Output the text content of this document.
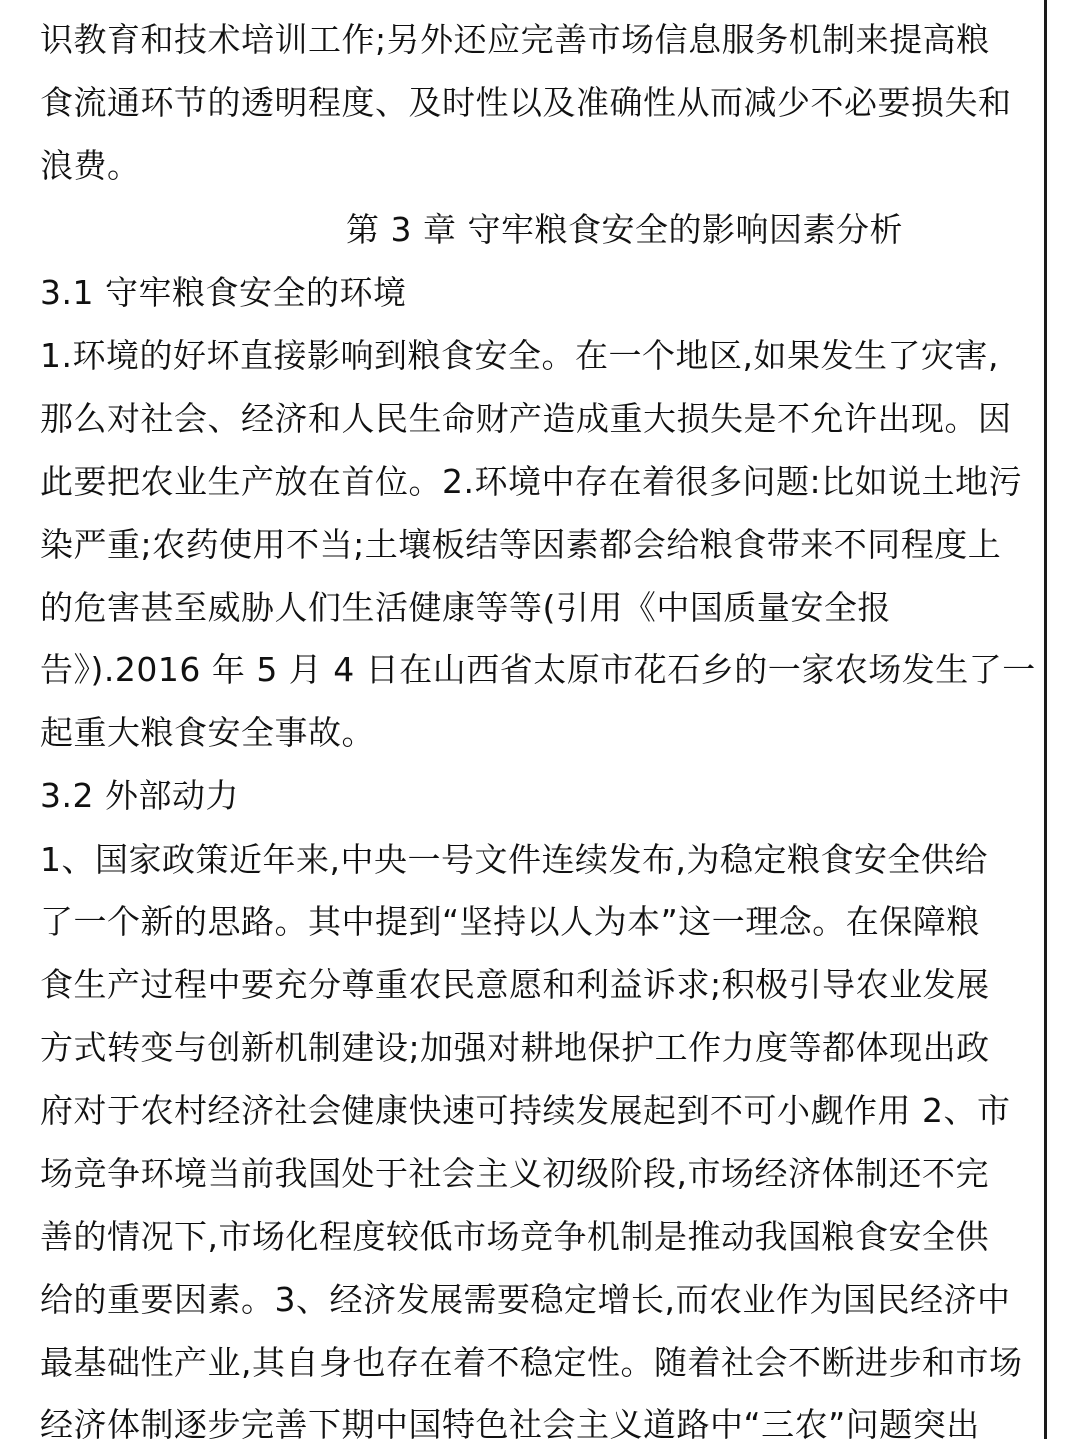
识教育和技术培训工作;另外还应完善市场信息服务机制来提高粮
食流通环节的透明程度、及时性以及准确性从而减少不必要损失和
浪费。
第 3 章 守牢粮食安全的影响因素分析
3.1 守牢粮食安全的环境
1.环境的好坏直接影响到粮食安全。在一个地区,如果发生了灾害,
那么对社会、经济和人民生命财产造成重大损失是不允许出现。因
此要把农业生产放在首位。2.环境中存在着很多问题:比如说土地污
染严重;农药使用不当;土壤板结等因素都会给粮食带来不同程度上
的危害甚至威胁人们生活健康等等(引用《中国质量安全报
告》).2016 年 5 月 4 日在山西省太原市花石乡的一家农场发生了一
起重大粮食安全事故。
3.2 外部动力
1、国家政策近年来,中央一号文件连续发布,为稳定粮食安全供给
了一个新的思路。其中提到“坚持以人为本”这一理念。在保障粮
食生产过程中要充分尊重农民意愿和利益诉求;积极引导农业发展
方式转变与创新机制建设;加强对耕地保护工作力度等都体现出政
府对于农村经济社会健康快速可持续发展起到不可小觑作用 2、市
场竞争环境当前我国处于社会主义初级阶段,市场经济体制还不完
善的情况下,市场化程度较低市场竞争机制是推动我国粮食安全供
给的重要因素。3、经济发展需要稳定增长,而农业作为国民经济中
最基础性产业,其自身也存在着不稳定性。随着社会不断进步和市场
经济体制逐步完善下期中国特色社会主义道路中“三农”问题突出
